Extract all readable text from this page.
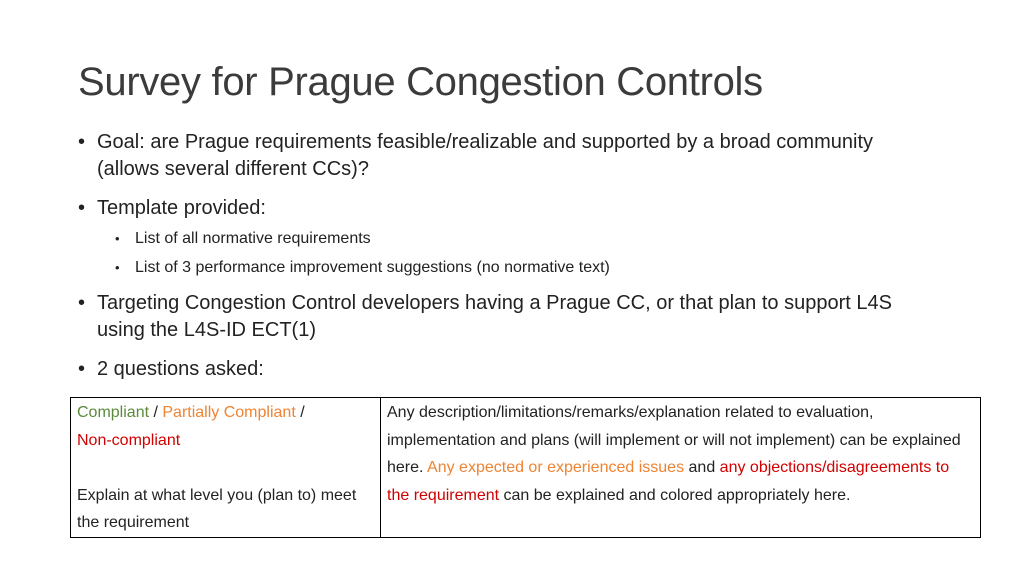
Survey for Prague Congestion Controls
• Goal: are Prague requirements feasible/realizable and supported by a broad community (allows several different CCs)?
• Template provided:
• List of all normative requirements
• List of 3 performance improvement suggestions (no normative text)
• Targeting Congestion Control developers having a Prague CC, or that plan to support L4S using the L4S-ID ECT(1)
• 2 questions asked:
Compliant / Partially Compliant /
Non-compliant

Explain at what level you (plan to) meet the requirement	Any description/limitations/remarks/explanation related to evaluation, implementation and plans (will implement or will not implement) can be explained here. Any expected or experienced issues and any objections/disagreements to the requirement can be explained and colored appropriately here.
